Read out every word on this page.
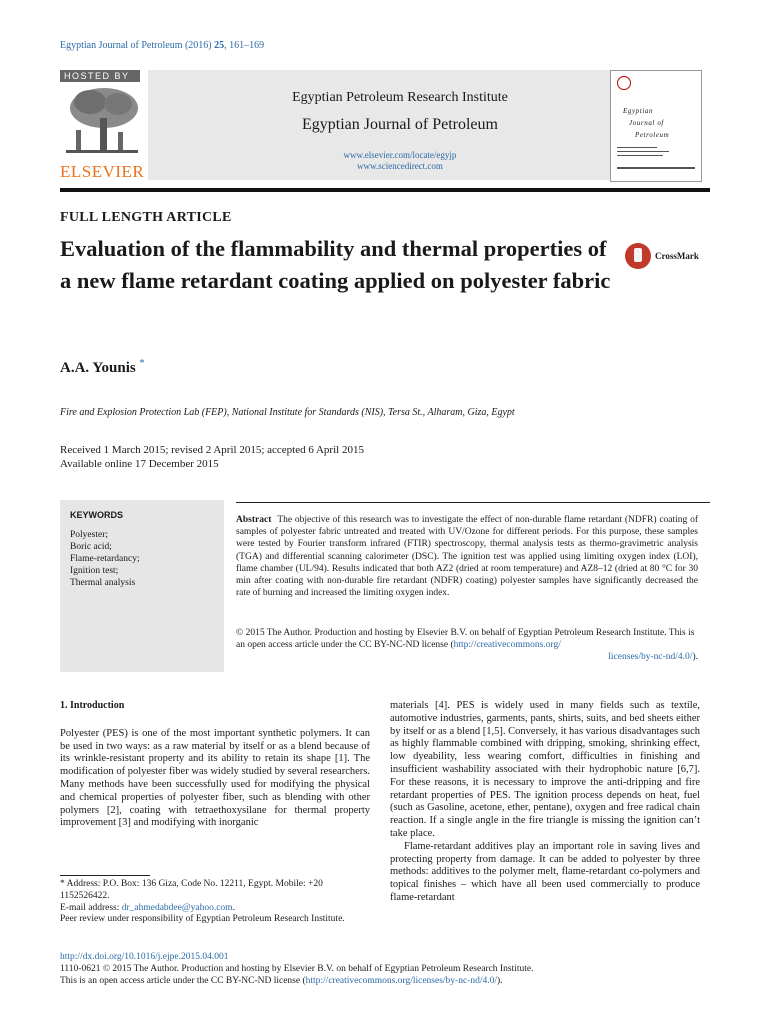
Egyptian Journal of Petroleum (2016) 25, 161–169
HOSTED BY
ELSEVIER
Egyptian Petroleum Research Institute
Egyptian Journal of Petroleum
www.elsevier.com/locate/egyjp
www.sciencedirect.com
Egyptian
Journal of
Petroleum
FULL LENGTH ARTICLE
Evaluation of the flammability and thermal properties of a new flame retardant coating applied on polyester fabric
CrossMark
A.A. Younis *
Fire and Explosion Protection Lab (FEP), National Institute for Standards (NIS), Tersa St., Alharam, Giza, Egypt
Received 1 March 2015; revised 2 April 2015; accepted 6 April 2015
Available online 17 December 2015
KEYWORDS
Polyester;
Boric acid;
Flame-retardancy;
Ignition test;
Thermal analysis
Abstract The objective of this research was to investigate the effect of non-durable flame retardant (NDFR) coating of samples of polyester fabric untreated and treated with UV/Ozone for different periods. For this purpose, these samples were tested by Fourier transform infrared (FTIR) spectroscopy, thermal analysis tests as thermo-gravimetric analysis (TGA) and differential scanning calorimeter (DSC). The ignition test was applied using limiting oxygen index (LOI), flame chamber (UL/94). Results indicated that both AZ2 (dried at room temperature) and AZ8–12 (dried at 80 °C for 30 min after coating with non-durable fire retardant (NDFR) coating) polyester samples have significantly decreased the rate of burning and increased the limiting oxygen index.
© 2015 The Author. Production and hosting by Elsevier B.V. on behalf of Egyptian Petroleum Research Institute. This is an open access article under the CC BY-NC-ND license (http://creativecommons.org/
licenses/by-nc-nd/4.0/).
1. Introduction
Polyester (PES) is one of the most important synthetic polymers. It can be used in two ways: as a raw material by itself or as a blend because of its wrinkle-resistant property and its ability to retain its shape [1]. The modification of polyester fiber was widely studied by several researchers. Many methods have been successfully used for modifying the physical and chemical properties of polyester fiber, such as blending with other polymers [2], coating with tetraethoxysilane for thermal property improvement [3] and modifying with inorganic
materials [4]. PES is widely used in many fields such as textile, automotive industries, garments, pants, shirts, suits, and bed sheets either by itself or as a blend [1,5]. Conversely, it has various disadvantages such as highly flammable combined with dripping, smoking, shrinking effect, low dyeability, less wearing comfort, difficulties in finishing and insufficient washability associated with their hydrophobic nature [6,7]. For these reasons, it is necessary to improve the anti-dripping and fire retardant properties of PES. The ignition process depends on heat, fuel (such as Gasoline, acetone, ether, pentane), oxygen and free radical chain reaction. If a single angle in the fire triangle is missing the ignition can’t take place.
Flame-retardant additives play an important role in saving lives and protecting property from damage. It can be added to polyester by three methods: additives to the polymer melt, flame-retardant co-polymers and topical finishes – which have all been used commercially to produce flame-retardant
* Address: P.O. Box: 136 Giza, Code No. 12211, Egypt. Mobile: +20 1152526422.
E-mail address: dr_ahmedabdee@yahoo.com.
Peer review under responsibility of Egyptian Petroleum Research Institute.
http://dx.doi.org/10.1016/j.ejpe.2015.04.001
1110-0621 © 2015 The Author. Production and hosting by Elsevier B.V. on behalf of Egyptian Petroleum Research Institute.
This is an open access article under the CC BY-NC-ND license (http://creativecommons.org/licenses/by-nc-nd/4.0/).
